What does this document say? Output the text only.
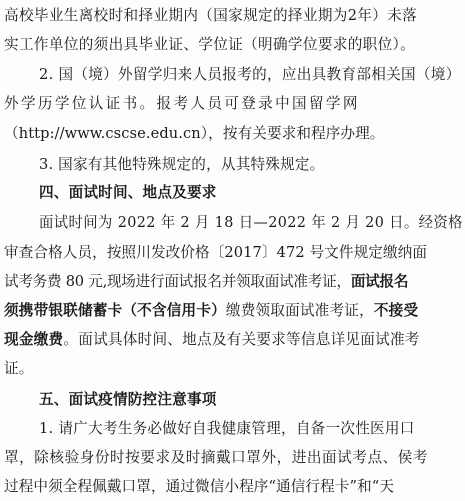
高校毕业生离校时和择业期内（国家规定的择业期为2年）未落
实工作单位的须出具毕业证、学位证（明确学位要求的职位）。
2. 国（境）外留学归来人员报考的，应出具教育部相关国（境）
外学历学位认证书。报考人员可登录中国留学网
（http://www.cscse.edu.cn），按有关要求和程序办理。
3. 国家有其他特殊规定的，从其特殊规定。
四、面试时间、地点及要求
面试时间为 2022 年 2 月 18 日—2022 年 2 月 20 日。经资格
审查合格人员，按照川发改价格〔2017〕472 号文件规定缴纳面
试考务费 80 元,现场进行面试报名并领取面试准考证，面试报名
须携带银联储蓄卡（不含信用卡）缴费领取面试准考证，不接受
现金缴费。面试具体时间、地点及有关要求等信息详见面试准考
证。
五、面试疫情防控注意事项
1. 请广大考生务必做好自我健康管理，自备一次性医用口
罩，除核验身份时按要求及时摘戴口罩外，进出面试考点、侯考
过程中须全程佩戴口罩，通过微信小程序“通信行程卡”和“天
